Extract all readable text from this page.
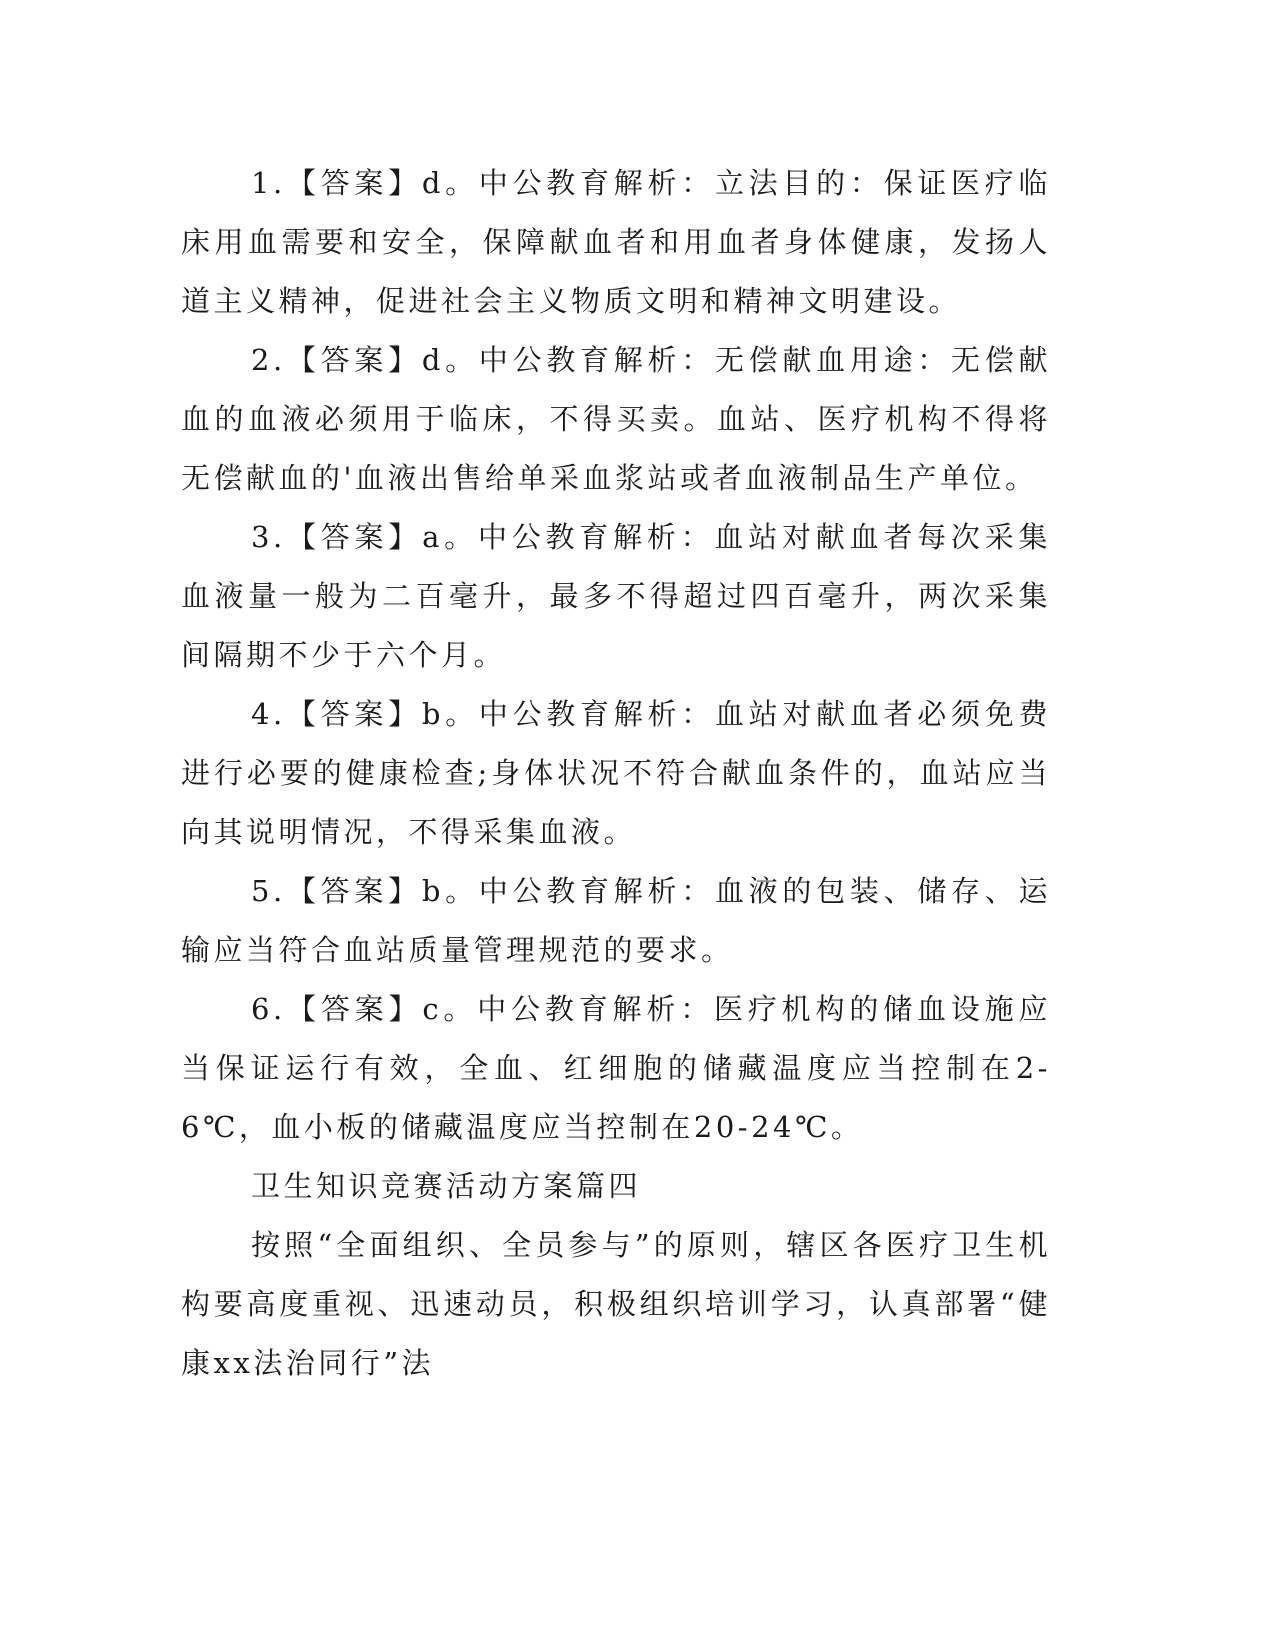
1.【答案】d。中公教育解析：立法目的：保证医疗临床用血需要和安全，保障献血者和用血者身体健康，发扬人道主义精神，促进社会主义物质文明和精神文明建设。

2.【答案】d。中公教育解析：无偿献血用途：无偿献血的血液必须用于临床，不得买卖。血站、医疗机构不得将无偿献血的'血液出售给单采血浆站或者血液制品生产单位。

3.【答案】a。中公教育解析：血站对献血者每次采集血液量一般为二百毫升，最多不得超过四百毫升，两次采集间隔期不少于六个月。

4.【答案】b。中公教育解析：血站对献血者必须免费进行必要的健康检查;身体状况不符合献血条件的，血站应当向其说明情况，不得采集血液。

5.【答案】b。中公教育解析：血液的包装、储存、运输应当符合血站质量管理规范的要求。

6.【答案】c。中公教育解析：医疗机构的储血设施应当保证运行有效，全血、红细胞的储藏温度应当控制在2-6℃，血小板的储藏温度应当控制在20-24℃。

卫生知识竞赛活动方案篇四

按照“全面组织、全员参与”的原则，辖区各医疗卫生机构要高度重视、迅速动员，积极组织培训学习，认真部署“健康xx法治同行”法
